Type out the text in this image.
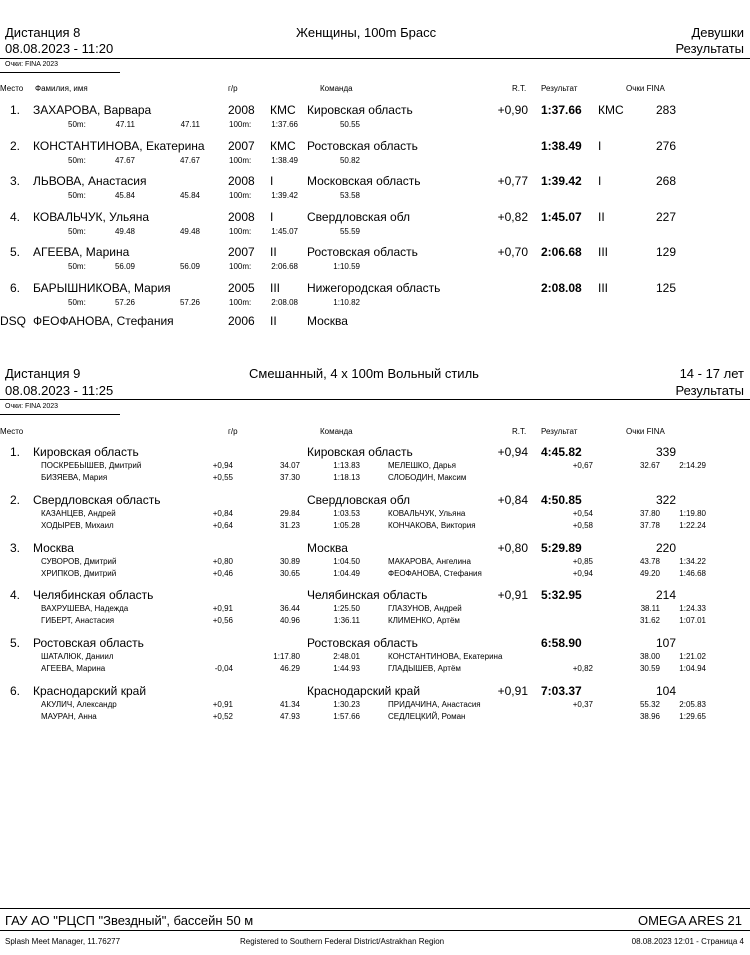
Дистанция 8	Женщины, 100m Брасс	Девушки
08.08.2023 - 11:20	Результаты
Очки: FINA 2023
Место Фамилия, имя	г/р	Команда	R.T. Результат	Очки FINA
1. ЗАХАРОВА, Варвара	2008 КМС Кировская область	+0,90 1:37.66 КМС	283
50m:	47.11	47.11	100m:	1:37.66	50.55
2. КОНСТАНТИНОВА, Екатерина 2007 КМС Ростовская область	1:38.49 I	276
50m:	47.67	47.67	100m:	1:38.49	50.82
3. ЛЬВОВА, Анастасия	2008 I	Московская область	+0,77 1:39.42 I	268
50m:	45.84	45.84	100m:	1:39.42	53.58
4. КОВАЛЬЧУК, Ульяна	2008 I	Свердловская обл	+0,82 1:45.07 II	227
50m:	49.48	49.48	100m:	1:45.07	55.59
5. АГЕЕВА, Марина	2007 II	Ростовская область	+0,70 2:06.68 III	129
50m:	56.09	56.09	100m:	2:06.68	1:10.59
6. БАРЫШНИКОВА, Мария	2005 III Нижегородская область	2:08.08 III	125
50m:	57.26	57.26	100m:	2:08.08	1:10.82
DSQ ФЕОФАНОВА, Стефания	2006 II	Москва
Дистанция 9	Смешанный, 4 x 100m Вольный стиль	14 - 17 лет
08.08.2023 - 11:25	Результаты
Очки: FINA 2023
Место	г/р	Команда	R.T. Результат	Очки FINA
1. Кировская область	Кировская область	+0,94 4:45.82	339
ПОСКРЕБЫШЕВ, Дмитрий	+0,94	34.07	1:13.83	МЕЛЕШКО, Дарья	+0,67	32.67	2:14.29
БИЗЯЕВА, Мария	+0,55	37.30	1:18.13	СЛОБОДИН, Максим
2. Свердловская область	Свердловская обл	+0,84 4:50.85	322
КАЗАНЦЕВ, Андрей	+0,84	29.84	1:03.53	КОВАЛЬЧУК, Ульяна	+0,54	37.80	1:19.80
ХОДЫРЕВ, Михаил	+0,64	31.23	1:05.28	КОНЧАКОВА, Виктория	+0,58	37.78	1:22.24
3. Москва	Москва	+0,80 5:29.89	220
СУВОРОВ, Дмитрий	+0,80	30.89	1:04.50	МАКАРОВА, Ангелина	+0,85	43.78	1:34.22
ХРИПКОВ, Дмитрий	+0,46	30.65	1:04.49	ФЕОФАНОВА, Стефания	+0,94	49.20	1:46.68
4. Челябинская область	Челябинская область	+0,91 5:32.95	214
ВАХРУШЕВА, Надежда	+0,91	36.44	1:25.50	ГЛАЗУНОВ, Андрей	38.11	1:24.33
ГИБЕРТ, Анастасия	+0,56	40.96	1:36.11	КЛИМЕНКО, Артём	31.62	1:07.01
5. Ростовская область	Ростовская область	6:58.90	107
ШАТАЛЮК, Даниил	1:17.80	2:48.01	КОНСТАНТИНОВА, Екатерина	38.00	1:21.02
АГЕЕВА, Марина	-0,04	46.29	1:44.93	ГЛАДЫШЕВ, Артём	+0,82	30.59	1:04.94
6. Краснодарский край	Краснодарский край	+0,91 7:03.37	104
АКУЛИЧ, Александр	+0,91	41.34	1:30.23	ПРИДАЧИНА, Анастасия	+0,37	55.32	2:05.83
МАУРАН, Анна	+0,52	47.93	1:57.66	СЕДЛЕЦКИЙ, Роман	38.96	1:29.65
ГАУ АО "РЦСП "Звездный", бассейн 50 м	OMEGA ARES 21
Splash Meet Manager, 11.76277	Registered to Southern Federal District/Astrakhan Region	08.08.2023 12:01 - Страница 4
